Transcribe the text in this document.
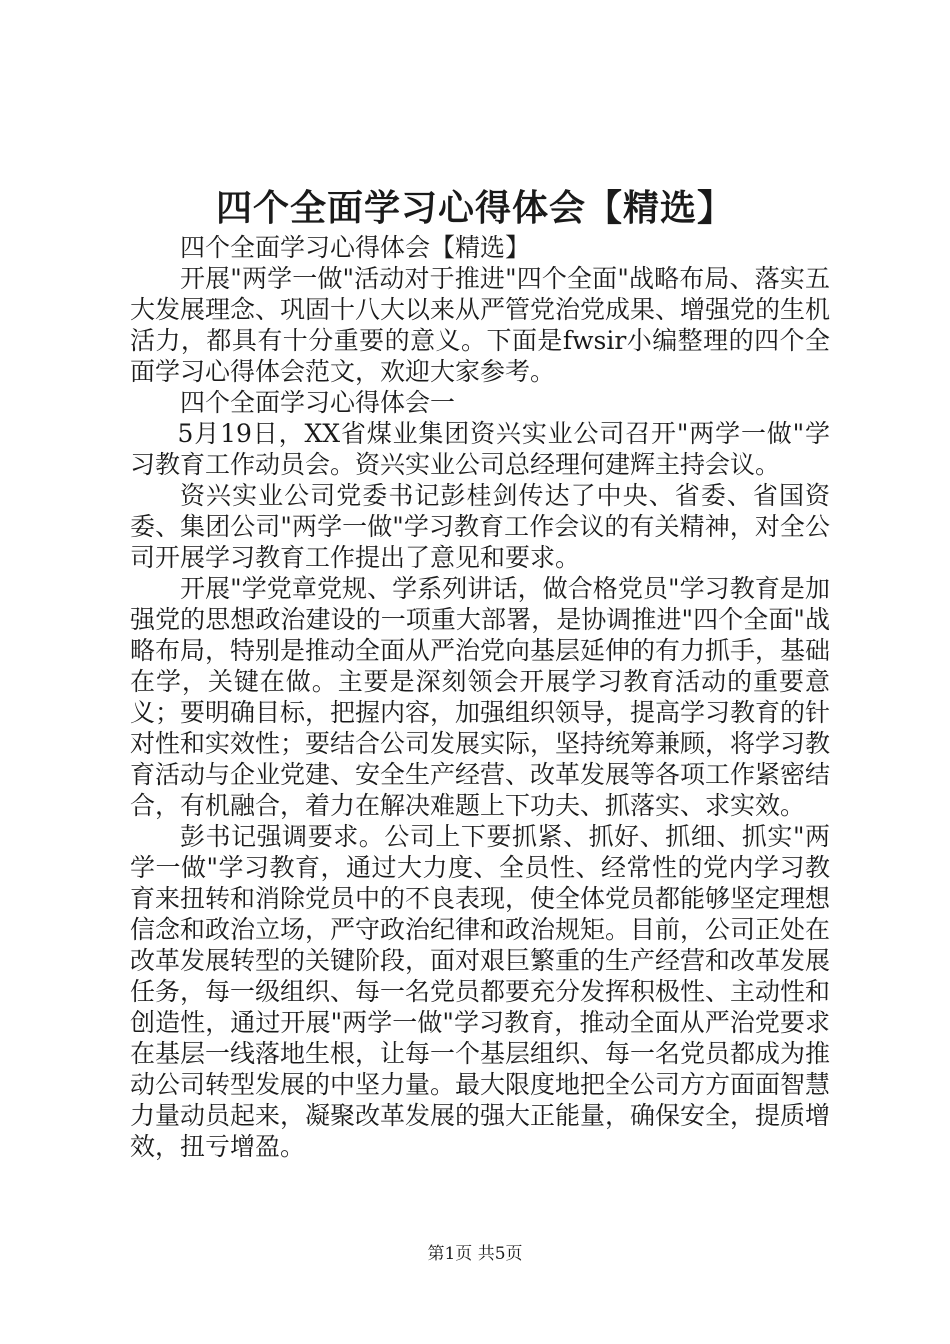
四个全面学习心得体会【精选】

四个全面学习心得体会【精选】

开展"两学一做"活动对于推进"四个全面"战略布局、落实五大发展理念、巩固十八大以来从严管党治党成果、增强党的生机活力，都具有十分重要的意义。下面是fwsir小编整理的四个全面学习心得体会范文，欢迎大家参考。

四个全面学习心得体会一

5月19日，XX省煤业集团资兴实业公司召开"两学一做"学习教育工作动员会。资兴实业公司总经理何建辉主持会议。

资兴实业公司党委书记彭桂剑传达了中央、省委、省国资委、集团公司"两学一做"学习教育工作会议的有关精神，对全公司开展学习教育工作提出了意见和要求。

开展"学党章党规、学系列讲话，做合格党员"学习教育是加强党的思想政治建设的一项重大部署，是协调推进"四个全面"战略布局，特别是推动全面从严治党向基层延伸的有力抓手，基础在学，关键在做。主要是深刻领会开展学习教育活动的重要意义；要明确目标，把握内容，加强组织领导，提高学习教育的针对性和实效性；要结合公司发展实际，坚持统筹兼顾，将学习教育活动与企业党建、安全生产经营、改革发展等各项工作紧密结合，有机融合，着力在解决难题上下功夫、抓落实、求实效。

彭书记强调要求。公司上下要抓紧、抓好、抓细、抓实"两学一做"学习教育，通过大力度、全员性、经常性的党内学习教育来扭转和消除党员中的不良表现，使全体党员都能够坚定理想信念和政治立场，严守政治纪律和政治规矩。目前，公司正处在改革发展转型的关键阶段，面对艰巨繁重的生产经营和改革发展任务，每一级组织、每一名党员都要充分发挥积极性、主动性和创造性，通过开展"两学一做"学习教育，推动全面从严治党要求在基层一线落地生根，让每一个基层组织、每一名党员都成为推动公司转型发展的中坚力量。最大限度地把全公司方方面面智慧力量动员起来，凝聚改革发展的强大正能量，确保安全，提质增效，扭亏增盈。

第1页 共5页
